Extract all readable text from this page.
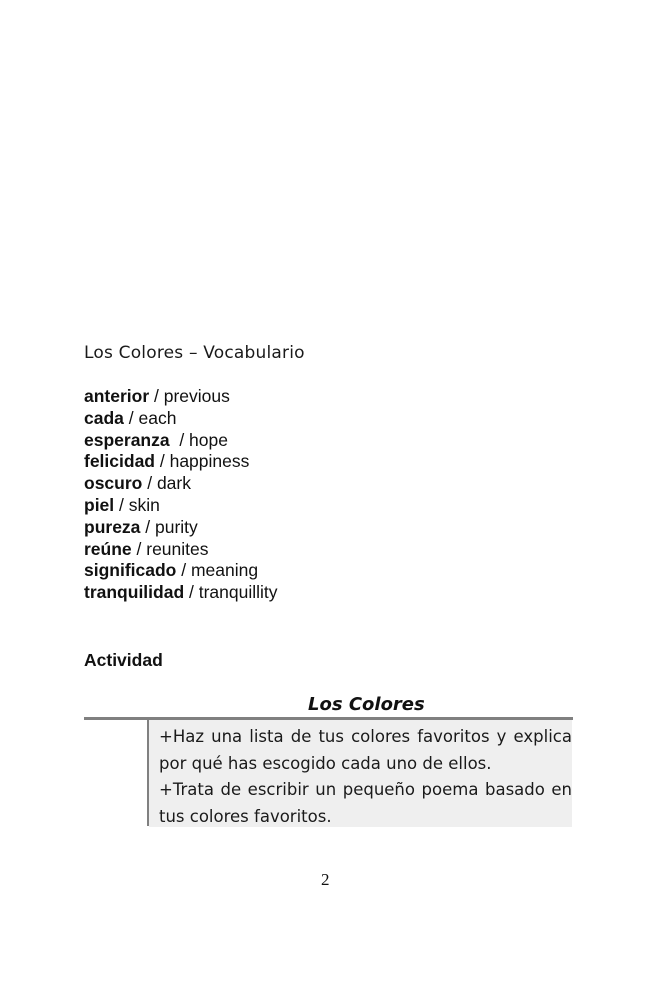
Los Colores – Vocabulario
anterior / previous
cada / each
esperanza  / hope
felicidad / happiness
oscuro / dark
piel / skin
pureza / purity
reúne / reunites
significado / meaning
tranquilidad / tranquillity
Actividad
Los Colores

+Haz una lista de tus colores favoritos y explica por qué has escogido cada uno de ellos.

+Trata de escribir un pequeño poema basado en tus colores favoritos.

2
